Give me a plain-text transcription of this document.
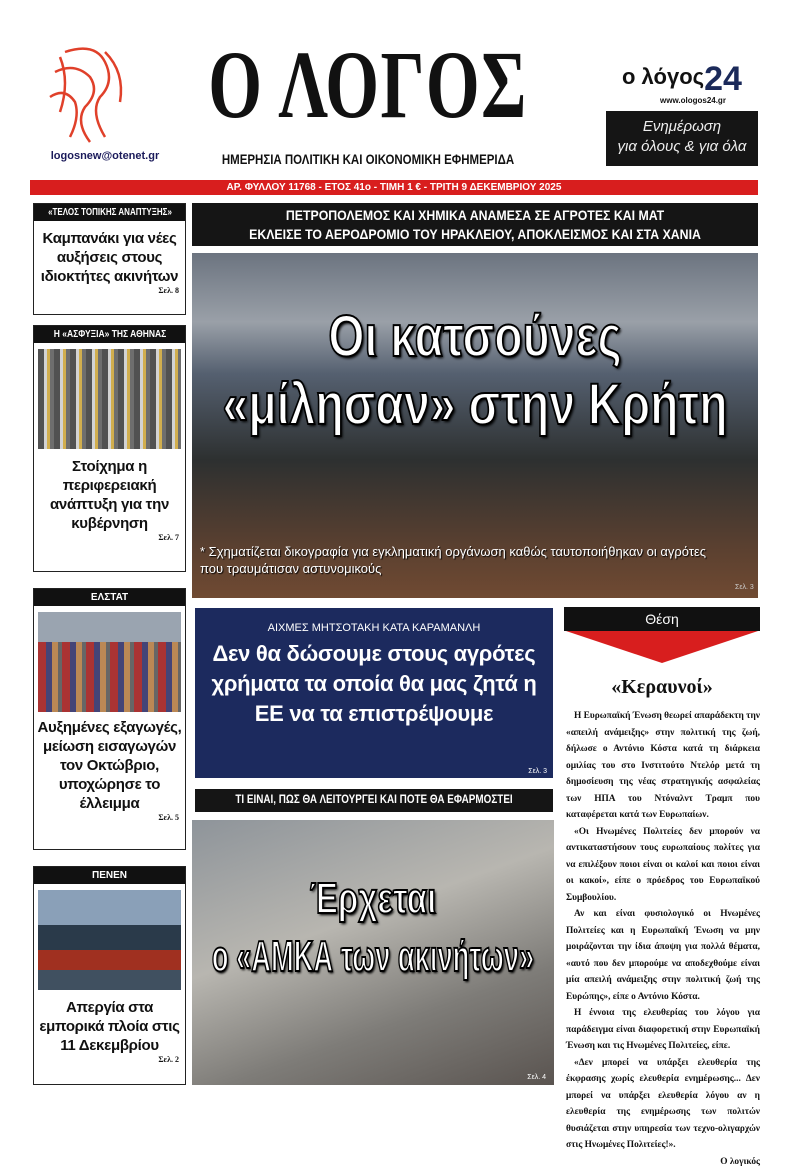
logosnew@otenet.gr
Ο ΛΟΓΟΣ
ΗΜΕΡΗΣΙΑ ΠΟΛΙΤΙΚΗ ΚΑΙ ΟΙΚΟΝΟΜΙΚΗ ΕΦΗΜΕΡΙΔΑ
ο λόγος24
www.ologos24.gr
Ενημέρωση
για όλους & για όλα
ΑΡ. ΦΥΛΛΟΥ 11768 - ΕΤΟΣ 41ο - ΤΙΜΗ 1 € - ΤΡΙΤΗ 9 ΔΕΚΕΜΒΡΙΟΥ 2025
«ΤΕΛΟΣ ΤΟΠΙΚΗΣ ΑΝΑΠΤΥΞΗΣ»
Καμπανάκι για νέες αυξήσεις στους ιδιοκτήτες ακινήτων
Σελ. 8
Η «ΑΣΦΥΞΙΑ» ΤΗΣ ΑΘΗΝΑΣ
Στοίχημα η περιφερειακή ανάπτυξη για την κυβέρνηση
Σελ. 7
ΕΛΣΤΑΤ
Αυξημένες εξαγωγές, μείωση εισαγωγών τον Οκτώβριο, υποχώρησε το έλλειμμα
Σελ. 5
ΠΕΝΕΝ
Απεργία στα εμπορικά πλοία στις 11 Δεκεμβρίου
Σελ. 2
ΠΕΤΡΟΠΟΛΕΜΟΣ ΚΑΙ ΧΗΜΙΚΑ ΑΝΑΜΕΣΑ ΣΕ ΑΓΡΟΤΕΣ ΚΑΙ ΜΑΤ
ΕΚΛΕΙΣΕ ΤΟ ΑΕΡΟΔΡΟΜΙΟ ΤΟΥ ΗΡΑΚΛΕΙΟΥ, ΑΠΟΚΛΕΙΣΜΟΣ ΚΑΙ ΣΤΑ ΧΑΝΙΑ
Οι κατσούνες
«μίλησαν» στην Κρήτη
* Σχηματίζεται δικογραφία για εγκληματική οργάνωση καθώς ταυτοποιήθηκαν οι αγρότες που τραυμάτισαν αστυνομικούς
Σελ. 3
ΑΙΧΜΕΣ ΜΗΤΣΟΤΑΚΗ ΚΑΤΑ ΚΑΡΑΜΑΝΛΗ
Δεν θα δώσουμε στους αγρότες χρήματα τα οποία θα μας ζητά η ΕΕ να τα επιστρέψουμε
Σελ. 3
ΤΙ ΕΙΝΑΙ, ΠΩΣ ΘΑ ΛΕΙΤΟΥΡΓΕΙ ΚΑΙ ΠΟΤΕ ΘΑ ΕΦΑΡΜΟΣΤΕΙ
Έρχεται
ο «ΑΜΚΑ των ακινήτων»
Σελ. 4
Θέση
«Κεραυνοί»

Η Ευρωπαϊκή Ένωση θεωρεί απαράδεκτη την «απειλή ανάμειξης» στην πολιτική της ζωή, δήλωσε ο Αντόνιο Κόστα κατά τη διάρκεια ομιλίας του στο Ινστιτούτο Ντελόρ μετά τη δημοσίευση της νέας στρατηγικής ασφαλείας των ΗΠΑ του Ντόναλντ Τραμπ που καταφέρεται κατά των Ευρωπαίων.

«Οι Ηνωμένες Πολιτείες δεν μπορούν να αντικαταστήσουν τους ευρωπαίους πολίτες για να επιλέξουν ποιοι είναι οι καλοί και ποιοι είναι οι κακοί», είπε ο πρόεδρος του Ευρωπαϊκού Συμβουλίου.

Αν και είναι φυσιολογικό οι Ηνωμένες Πολιτείες και η Ευρωπαϊκή Ένωση να μην μοιράζονται την ίδια άποψη για πολλά θέματα, «αυτό που δεν μπορούμε να αποδεχθούμε είναι μία απειλή ανάμειξης στην πολιτική ζωή της Ευρώπης», είπε ο Αντόνιο Κόστα.

Η έννοια της ελευθερίας του λόγου για παράδειγμα είναι διαφορετική στην Ευρωπαϊκή Ένωση και τις Ηνωμένες Πολιτείες, είπε.

«Δεν μπορεί να υπάρξει ελευθερία της έκφρασης χωρίς ελευθερία ενημέρωσης... Δεν μπορεί να υπάρξει ελευθερία λόγου αν η ελευθερία της ενημέρωσης των πολιτών θυσιάζεται στην υπηρεσία των τεχνο-ολιγαρχών στις Ηνωμένες Πολιτείες!».

Ο λογικός
